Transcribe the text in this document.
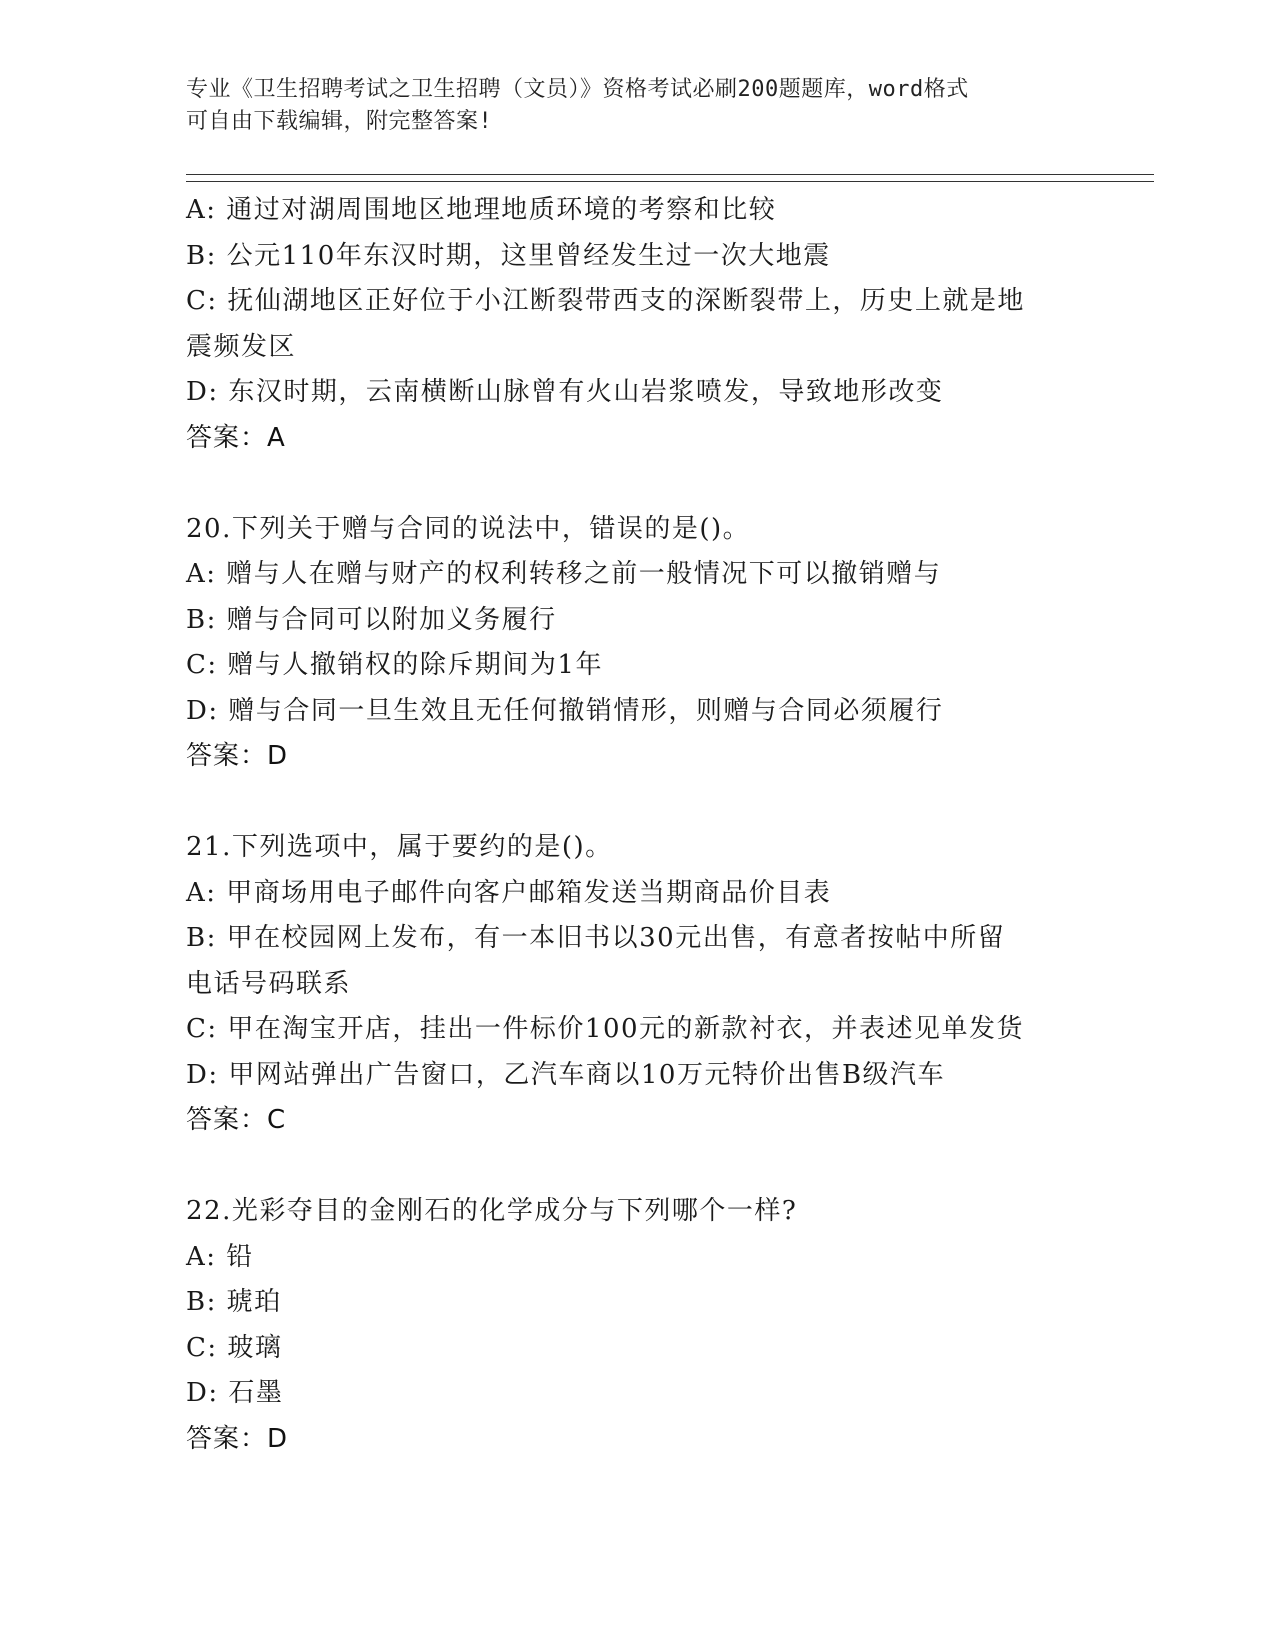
专业《卫生招聘考试之卫生招聘（文员）》资格考试必刷200题题库，word格式
可自由下载编辑，附完整答案!
A: 通过对湖周围地区地理地质环境的考察和比较
B: 公元110年东汉时期，这里曾经发生过一次大地震
C: 抚仙湖地区正好位于小江断裂带西支的深断裂带上，历史上就是地
震频发区
D: 东汉时期，云南横断山脉曾有火山岩浆喷发，导致地形改变
答案：A
20.下列关于赠与合同的说法中，错误的是()。
A: 赠与人在赠与财产的权利转移之前一般情况下可以撤销赠与
B: 赠与合同可以附加义务履行
C: 赠与人撤销权的除斥期间为1年
D: 赠与合同一旦生效且无任何撤销情形，则赠与合同必须履行
答案：D
21.下列选项中，属于要约的是()。
A: 甲商场用电子邮件向客户邮箱发送当期商品价目表
B: 甲在校园网上发布，有一本旧书以30元出售，有意者按帖中所留
电话号码联系
C: 甲在淘宝开店，挂出一件标价100元的新款衬衣，并表述见单发货
D: 甲网站弹出广告窗口，乙汽车商以10万元特价出售B级汽车
答案：C
22.光彩夺目的金刚石的化学成分与下列哪个一样?
A: 铅
B: 琥珀
C: 玻璃
D: 石墨
答案：D
